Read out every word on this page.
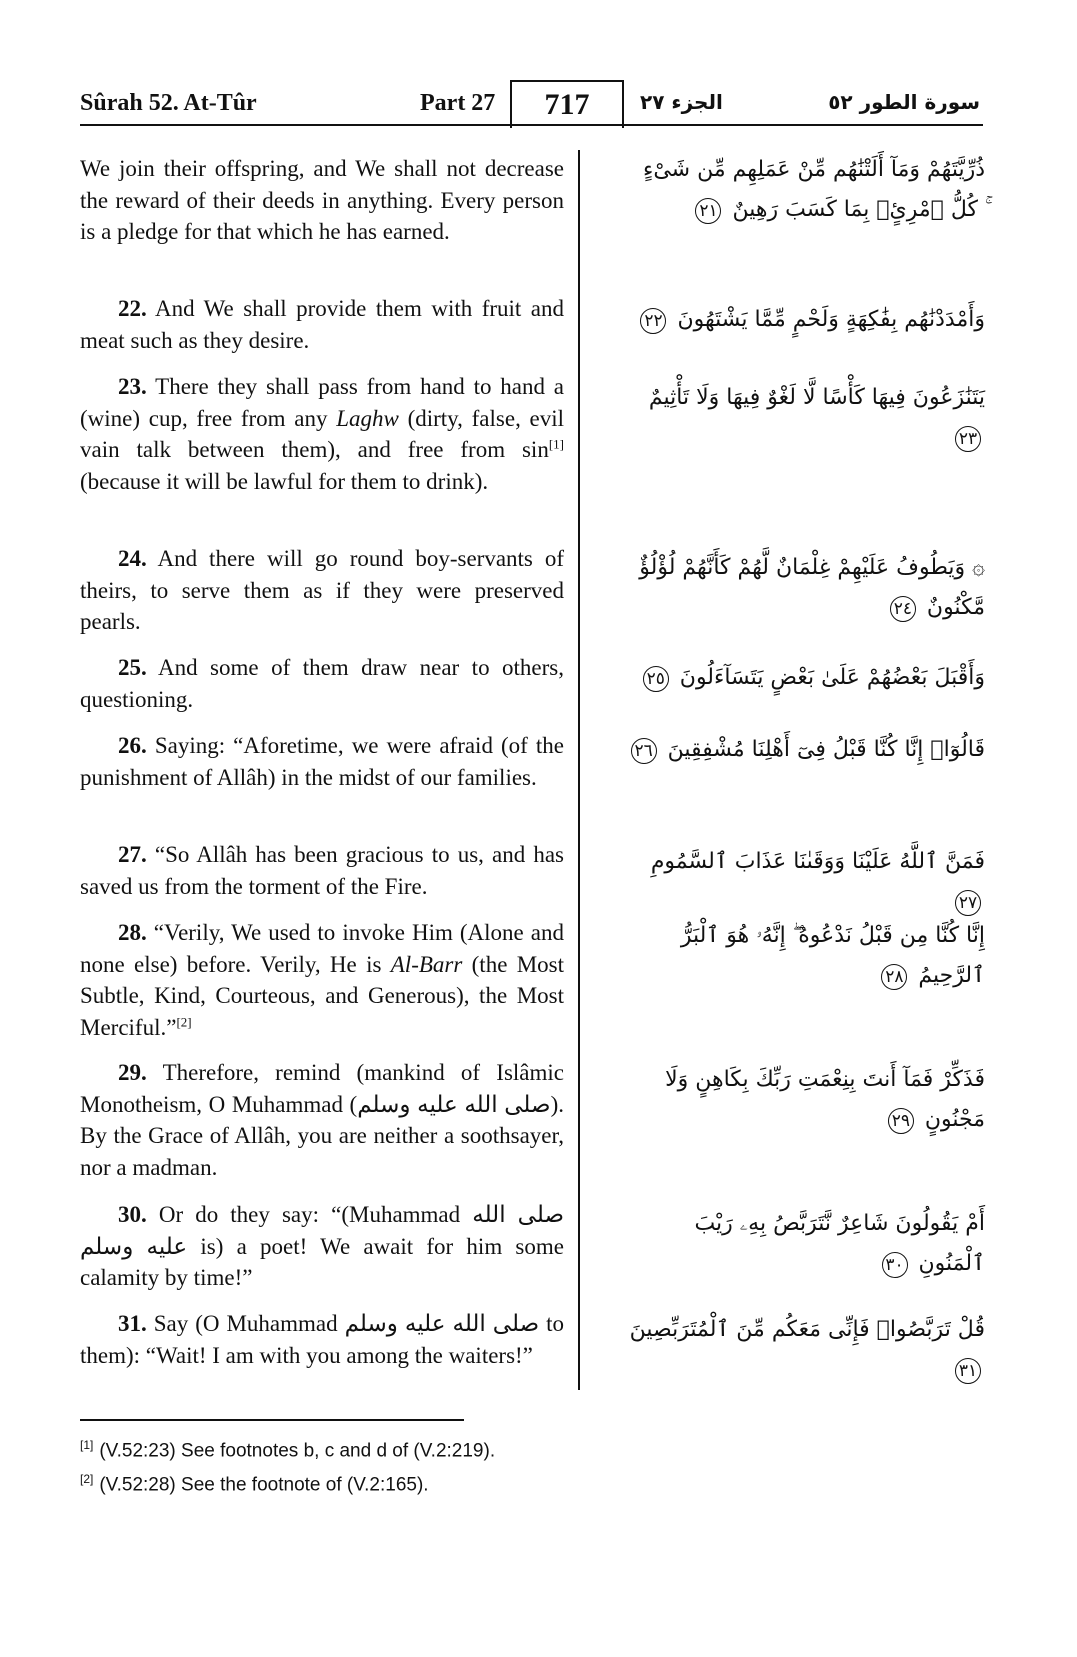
Sûrah 52. At-Tûr	Part 27	717	الجزء ٢٧	سورة الطور ٥٢

We join their offspring, and We shall not decrease the reward of their deeds in anything. Every person is a pledge for that which he has earned.

22. And We shall provide them with fruit and meat such as they desire.

23. There they shall pass from hand to hand a (wine) cup, free from any Laghw (dirty, false, evil vain talk between them), and free from sin[1] (because it will be lawful for them to drink).

24. And there will go round boy-servants of theirs, to serve them as if they were preserved pearls.

25. And some of them draw near to others, questioning.

26. Saying: “Aforetime, we were afraid (of the punishment of Allâh) in the midst of our families.

27. “So Allâh has been gracious to us, and has saved us from the torment of the Fire.

28. “Verily, We used to invoke Him (Alone and none else) before. Verily, He is Al-Barr (the Most Subtle, Kind, Courteous, and Generous), the Most Merciful.”[2]

29. Therefore, remind (mankind of Islâmic Monotheism, O Muhammad (صلى الله عليه وسلم). By the Grace of Allâh, you are neither a soothsayer, nor a madman.

30. Or do they say: “(Muhammad صلى الله عليه وسلم is) a poet! We await for him some calamity by time!”

31. Say (O Muhammad صلى الله عليه وسلم to them): “Wait! I am with you among the waiters!”

ذُرِّيَّتَهُمْ وَمَآ أَلَتْنَٰهُم مِّنْ عَمَلِهِم مِّن شَىْءٍ ۚ كُلُّ ٱمْرِئٍۭ بِمَا كَسَبَ رَهِينٌ ٢١
وَأَمْدَدْنَٰهُم بِفَٰكِهَةٍ وَلَحْمٍ مِّمَّا يَشْتَهُونَ ٢٢
يَتَنَٰزَعُونَ فِيهَا كَأْسًا لَّا لَغْوٌ فِيهَا وَلَا تَأْثِيمٌ ٢٣
۞ وَيَطُوفُ عَلَيْهِمْ غِلْمَانٌ لَّهُمْ كَأَنَّهُمْ لُؤْلُؤٌ مَّكْنُونٌ ٢٤
وَأَقْبَلَ بَعْضُهُمْ عَلَىٰ بَعْضٍ يَتَسَآءَلُونَ ٢٥
قَالُوٓا۟ إِنَّا كُنَّا قَبْلُ فِىٓ أَهْلِنَا مُشْفِقِينَ ٢٦
فَمَنَّ ٱللَّهُ عَلَيْنَا وَوَقَىٰنَا عَذَابَ ٱلسَّمُومِ ٢٧
إِنَّا كُنَّا مِن قَبْلُ نَدْعُوهُ ۖ إِنَّهُۥ هُوَ ٱلْبَرُّ ٱلرَّحِيمُ ٢٨
فَذَكِّرْ فَمَآ أَنتَ بِنِعْمَتِ رَبِّكَ بِكَاهِنٍ وَلَا مَجْنُونٍ ٢٩
أَمْ يَقُولُونَ شَاعِرٌ نَّتَرَبَّصُ بِهِۦ رَيْبَ ٱلْمَنُونِ ٣٠
قُلْ تَرَبَّصُوا۟ فَإِنِّى مَعَكُم مِّنَ ٱلْمُتَرَبِّصِينَ ٣١
[1] (V.52:23) See footnotes b, c and d of (V.2:219).
[2] (V.52:28) See the footnote of (V.2:165).
